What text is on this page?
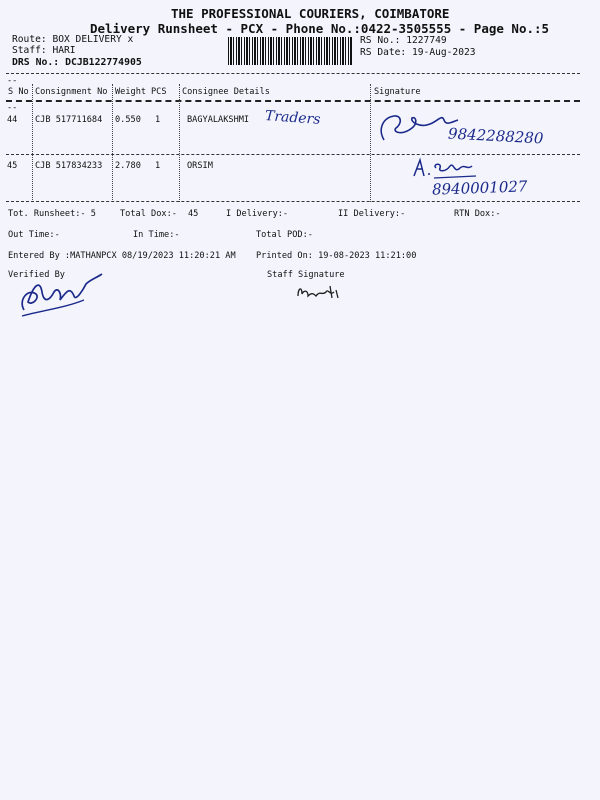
THE PROFESSIONAL COURIERS, COIMBATORE
Delivery Runsheet - PCX - Phone No.:0422-3505555 - Page No.:5
Route: BOX DELIVERY x
Staff: HARI
DRS No.: DCJB122774905
RS No.: 1227749
RS Date: 19-Aug-2023
--
S No Consignment No Weight PCS Consignee Details	Signature
--
44 CJB 517711684 0.550 1	BAGYALAKSHMI Traders
9842288280
45 CJB 517834233 2.780 1	ORSIM
8940001027
Tot. Runsheet:- 5	Total Dox:- 45	I Delivery:-	II Delivery:-	RTN Dox:-
Out Time:-	In Time:-	Total POD:-
Entered By :MATHANPCX 08/19/2023 11:20:21 AM Printed On: 19-08-2023 11:21:00
Verified By	Staff Signature
